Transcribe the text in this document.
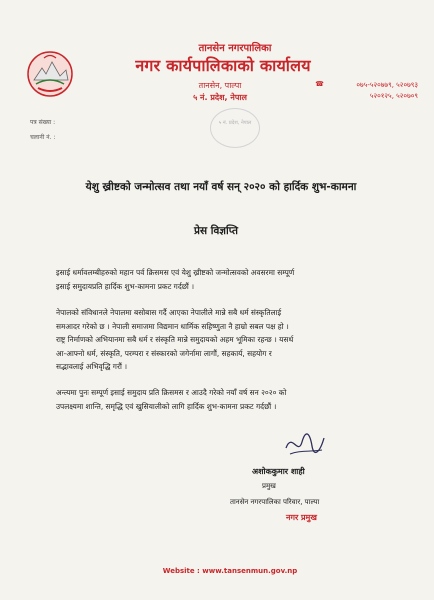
तानसेन नगरपालिका
नगर कार्यपालिकाको कार्यालय
तानसेन, पाल्पा
५ नं. प्रदेश, नेपाल
☎	०७५-५२०७७९, ५२०७९३
५२०१२५, ५२०७०९
पत्र संख्या :
चलानी नं. :
५ नं. प्रदेश, नेपाल
येशु ख्रीष्टको जन्मोत्सव तथा नयाँ वर्ष सन् २०२० को हार्दिक शुभ-कामना
प्रेस विज्ञप्ति
इसाई धर्मावलम्बीहरुको महान पर्व क्रिसमस एवं येशु ख्रीष्टको जन्मोत्सवको अवसरमा सम्पूर्ण
इसाई समुदायप्रति हार्दिक शुभ-कामना प्रकट गर्दछौं ।
नेपालको संविधानले नेपालमा बसोबास गर्दै आएका नेपालीले मान्ने सबै धर्म संस्कृतिलाई
समआदर गरेको छ । नेपाली समाजमा विद्यमान धार्मिक सहिष्णुता नै हाम्रो सबल पक्ष हो ।
राष्ट्र निर्माणको अभियानमा सबै धर्म र संस्कृति मान्ने समुदायको अहम भूमिका रहन्छ । यसर्थ
आ-आफ्नो धर्म, संस्कृति, परम्परा र संस्कारको जगेर्नामा लागौं, सहकार्य, सहयोग र
सद्भावलाई अभिवृद्धि गरौं ।
अन्त्यमा पुनः सम्पूर्ण इसाई समुदाय प्रति क्रिसमस र आउदै गरेको नयाँ वर्ष सन २०२० को
उपलक्ष्यमा शान्ति, समृद्धि एवं खुसियालीको लागि हार्दिक शुभ-कामना प्रकट गर्दछौं ।
अशोककुमार शाही
प्रमुख
तानसेन नगरपालिका परिवार, पाल्पा
नगर प्रमुख
Website : www.tansenmun.gov.np
